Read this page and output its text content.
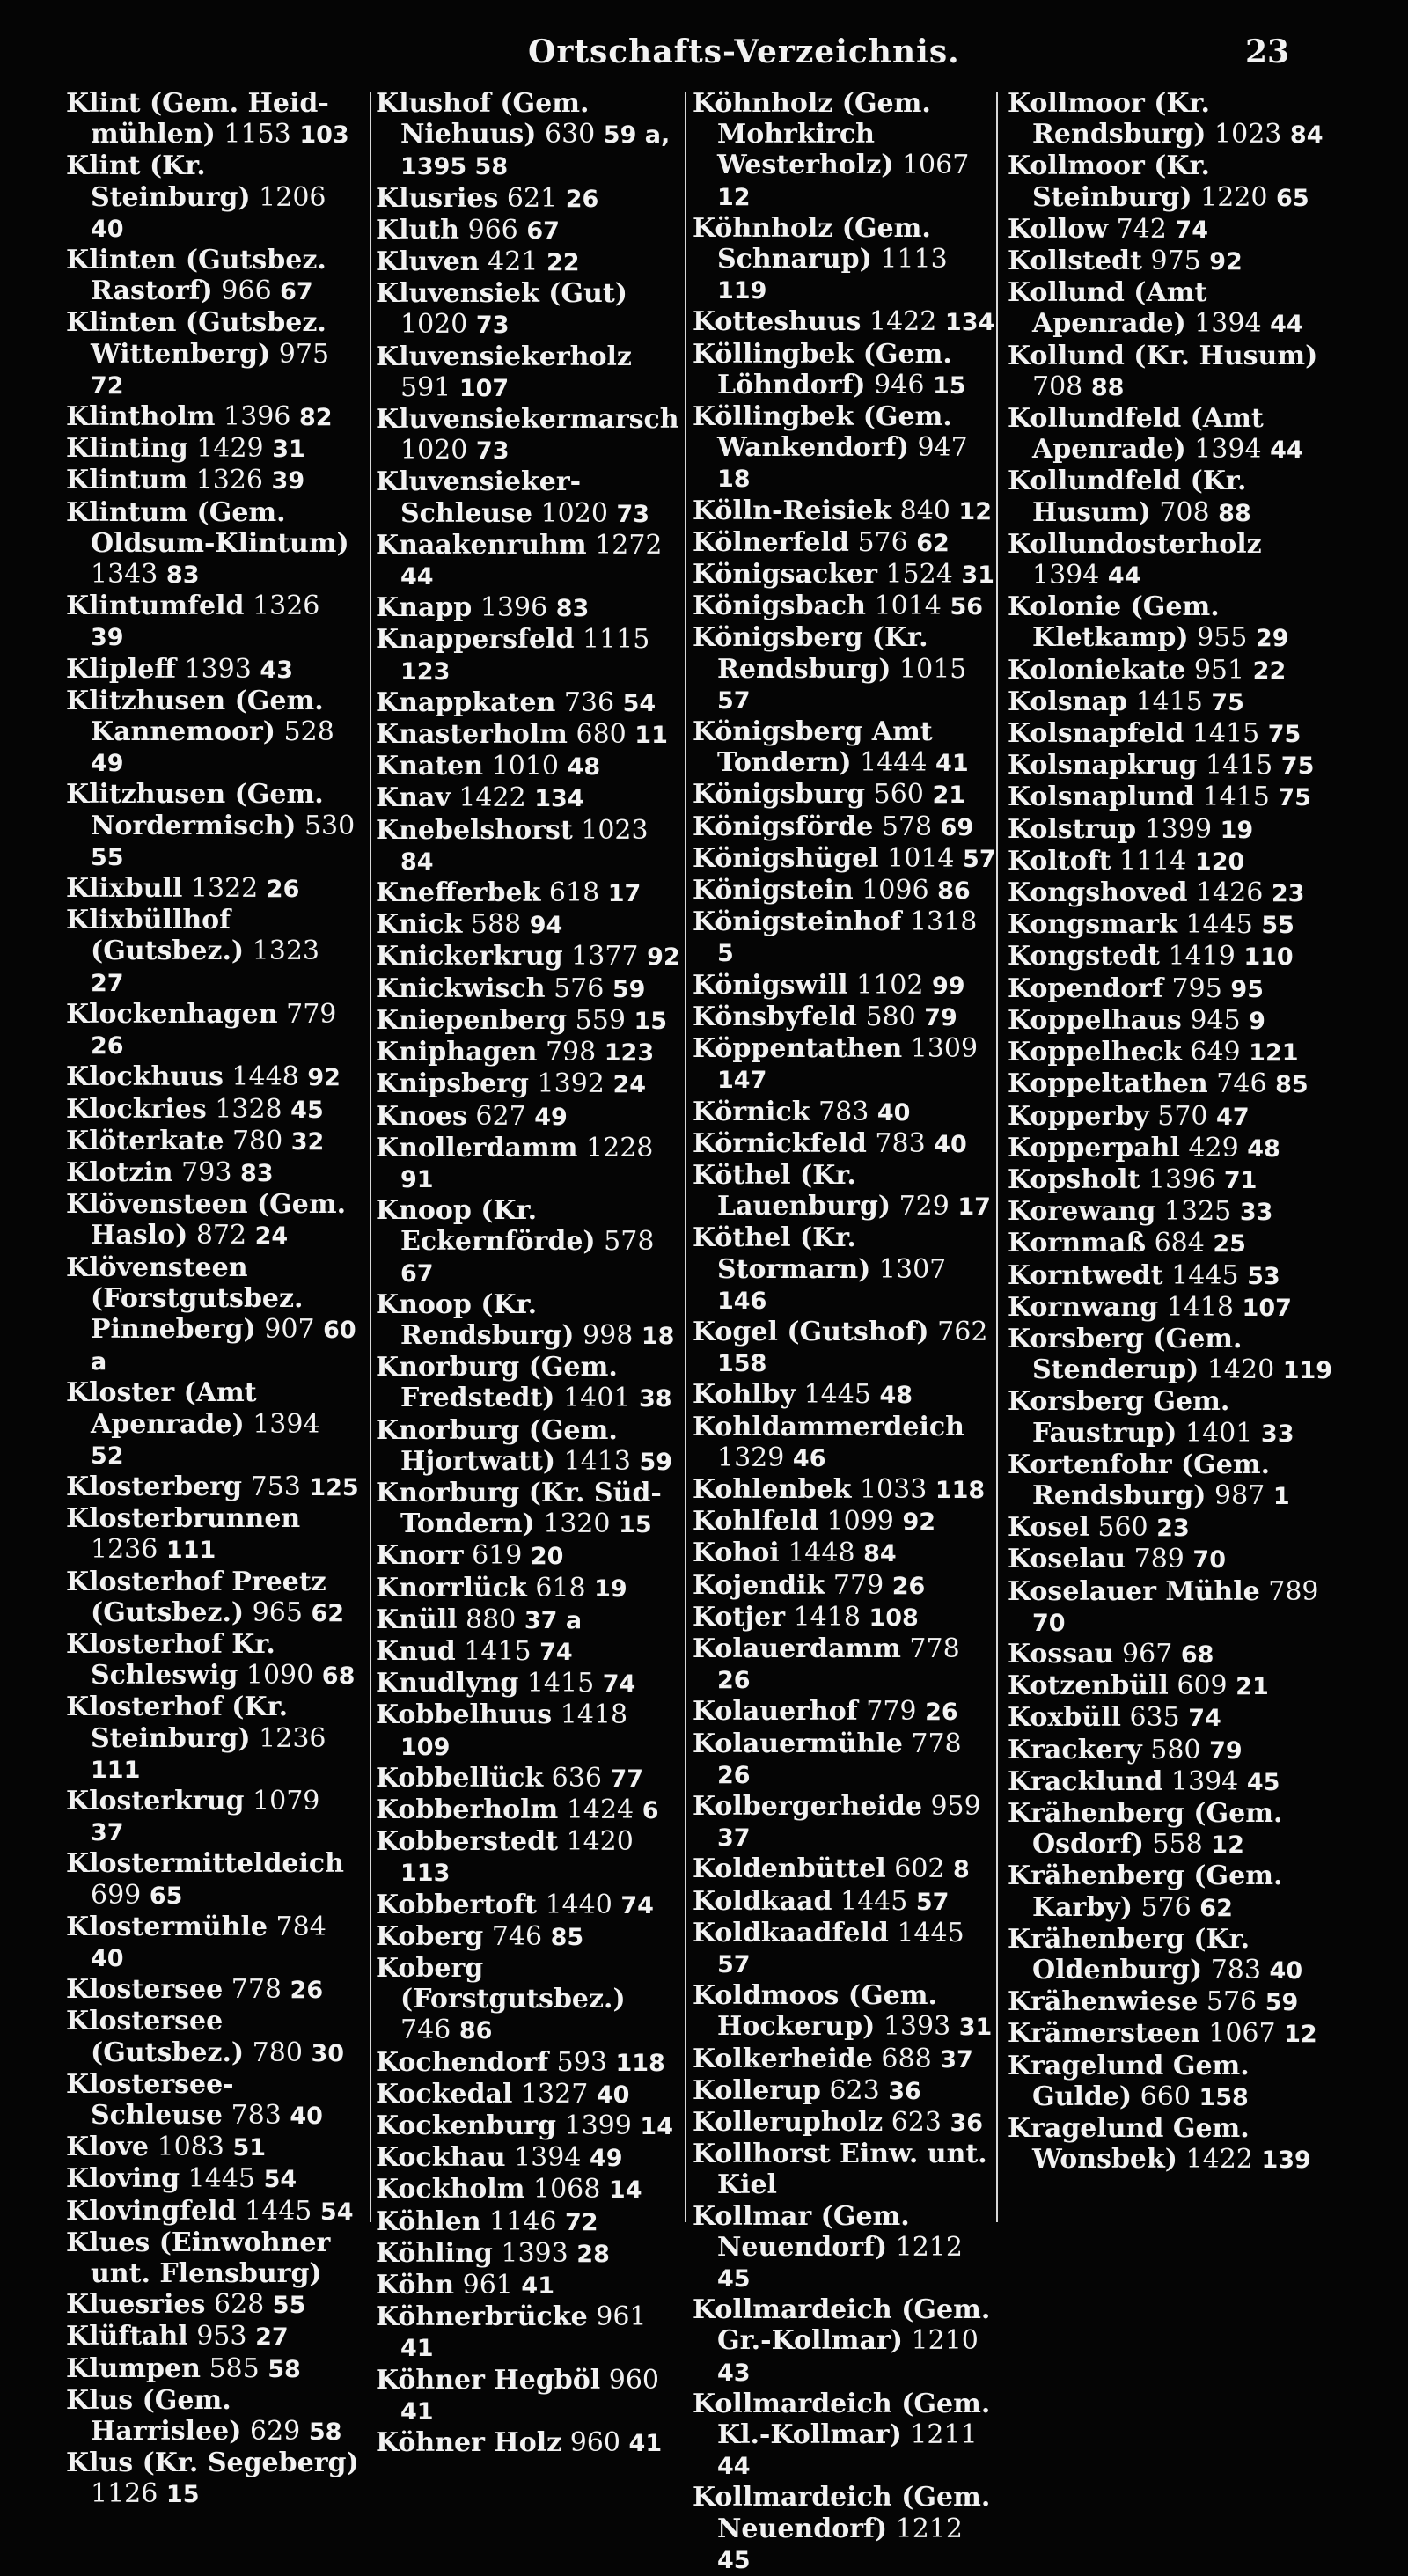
Ortschafts-Verzeichnis.	23

Klint (Gem. Heid-mühlen) 1153 103

Klint (Kr. Steinburg) 1206 40

Klinten (Gutsbez. Rastorf) 966 67

Klinten (Gutsbez. Wittenberg) 975 72

Klintholm 1396 82

Klinting 1429 31

Klintum 1326 39

Klintum (Gem. Oldsum-Klintum) 1343 83

Klintumfeld 1326 39

Klipleff 1393 43

Klitzhusen (Gem. Kannemoor) 528 49

Klitzhusen (Gem. Nordermisch) 530 55

Klixbull 1322 26

Klixbüllhof (Gutsbez.) 1323 27

Klockenhagen 779 26

Klockhuus 1448 92

Klockries 1328 45

Klöterkate 780 32

Klotzin 793 83

Klövensteen (Gem. Haslo) 872 24

Klövensteen (Forstgutsbez. Pinneberg) 907 60 a

Kloster (Amt Apenrade) 1394 52

Klosterberg 753 125

Klosterbrunnen 1236 111

Klosterhof Preetz (Gutsbez.) 965 62

Klosterhof Kr. Schleswig 1090 68

Klosterhof (Kr. Steinburg) 1236 111

Klosterkrug 1079 37

Klostermitteldeich 699 65

Klostermühle 784 40

Klostersee 778 26

Klostersee (Gutsbez.) 780 30

Klostersee-Schleuse 783 40

Klove 1083 51

Kloving 1445 54

Klovingfeld 1445 54

Klues (Einwohner unt. Flensburg)

Kluesries 628 55

Klüftahl 953 27

Klumpen 585 58

Klus (Gem. Harrislee) 629 58

Klus (Kr. Segeberg) 1126 15

Klushof (Gem. Niehuus) 630 59 a, 1395 58

Klusries 621 26

Kluth 966 67

Kluven 421 22

Kluvensiek (Gut) 1020 73

Kluvensiekerholz 591 107

Kluvensiekermarsch 1020 73

Kluvensieker-Schleuse 1020 73

Knaakenruhm 1272 44

Knapp 1396 83

Knappersfeld 1115 123

Knappkaten 736 54

Knasterholm 680 11

Knaten 1010 48

Knav 1422 134

Knebelshorst 1023 84

Knefferbek 618 17

Knick 588 94

Knickerkrug 1377 92

Knickwisch 576 59

Kniepenberg 559 15

Kniphagen 798 123

Knipsberg 1392 24

Knoes 627 49

Knollerdamm 1228 91

Knoop (Kr. Eckernförde) 578 67

Knoop (Kr. Rendsburg) 998 18

Knorburg (Gem. Fredstedt) 1401 38

Knorburg (Gem. Hjortwatt) 1413 59

Knorburg (Kr. Süd-Tondern) 1320 15

Knorr 619 20

Knorrlück 618 19

Knüll 880 37 a

Knud 1415 74

Knudlyng 1415 74

Kobbelhuus 1418 109

Kobbellück 636 77

Kobberholm 1424 6

Kobberstedt 1420 113

Kobbertoft 1440 74

Koberg 746 85

Koberg (Forstgutsbez.) 746 86

Kochendorf 593 118

Kockedal 1327 40

Kockenburg 1399 14

Kockhau 1394 49

Kockholm 1068 14

Köhlen 1146 72

Köhling 1393 28

Köhn 961 41

Köhnerbrücke 961 41

Köhner Hegböl 960 41

Köhner Holz 960 41

Köhnholz (Gem. Mohrkirch Westerholz) 1067 12

Köhnholz (Gem. Schnarup) 1113 119

Kotteshuus 1422 134

Köllingbek (Gem. Löhndorf) 946 15

Köllingbek (Gem. Wankendorf) 947 18

Kölln-Reisiek 840 12

Kölnerfeld 576 62

Königsacker 1524 31

Königsbach 1014 56

Königsberg (Kr. Rendsburg) 1015 57

Königsberg Amt Tondern) 1444 41

Königsburg 560 21

Königsförde 578 69

Königshügel 1014 57

Königstein 1096 86

Königsteinhof 1318 5

Königswill 1102 99

Könsbyfeld 580 79

Köppentathen 1309 147

Körnick 783 40

Körnickfeld 783 40

Köthel (Kr. Lauenburg) 729 17

Köthel (Kr. Stormarn) 1307 146

Kogel (Gutshof) 762 158

Kohlby 1445 48

Kohldammerdeich 1329 46

Kohlenbek 1033 118

Kohlfeld 1099 92

Kohoi 1448 84

Kojendik 779 26

Kotjer 1418 108

Kolauerdamm 778 26

Kolauerhof 779 26

Kolauermühle 778 26

Kolbergerheide 959 37

Koldenbüttel 602 8

Koldkaad 1445 57

Koldkaadfeld 1445 57

Koldmoos (Gem. Hockerup) 1393 31

Kolkerheide 688 37

Kollerup 623 36

Kollerupholz 623 36

Kollhorst Einw. unt. Kiel

Kollmar (Gem. Neuendorf) 1212 45

Kollmardeich (Gem. Gr.-Kollmar) 1210 43

Kollmardeich (Gem. Kl.-Kollmar) 1211 44

Kollmardeich (Gem. Neuendorf) 1212 45

Kollmoor (Kr. Rendsburg) 1023 84

Kollmoor (Kr. Steinburg) 1220 65

Kollow 742 74

Kollstedt 975 92

Kollund (Amt Apenrade) 1394 44

Kollund (Kr. Husum) 708 88

Kollundfeld (Amt Apenrade) 1394 44

Kollundfeld (Kr. Husum) 708 88

Kollundosterholz 1394 44

Kolonie (Gem. Kletkamp) 955 29

Koloniekate 951 22

Kolsnap 1415 75

Kolsnapfeld 1415 75

Kolsnapkrug 1415 75

Kolsnaplund 1415 75

Kolstrup 1399 19

Koltoft 1114 120

Kongshoved 1426 23

Kongsmark 1445 55

Kongstedt 1419 110

Kopendorf 795 95

Koppelhaus 945 9

Koppelheck 649 121

Koppeltathen 746 85

Kopperby 570 47

Kopperpahl 429 48

Kopsholt 1396 71

Korewang 1325 33

Kornmaß 684 25

Korntwedt 1445 53

Kornwang 1418 107

Korsberg (Gem. Stenderup) 1420 119

Korsberg Gem. Faustrup) 1401 33

Kortenfohr (Gem. Rendsburg) 987 1

Kosel 560 23

Koselau 789 70

Koselauer Mühle 789 70

Kossau 967 68

Kotzenbüll 609 21

Koxbüll 635 74

Krackery 580 79

Kracklund 1394 45

Krähenberg (Gem. Osdorf) 558 12

Krähenberg (Gem. Karby) 576 62

Krähenberg (Kr. Oldenburg) 783 40

Krähenwiese 576 59

Krämersteen 1067 12

Kragelund Gem. Gulde) 660 158

Kragelund Gem. Wonsbek) 1422 139
